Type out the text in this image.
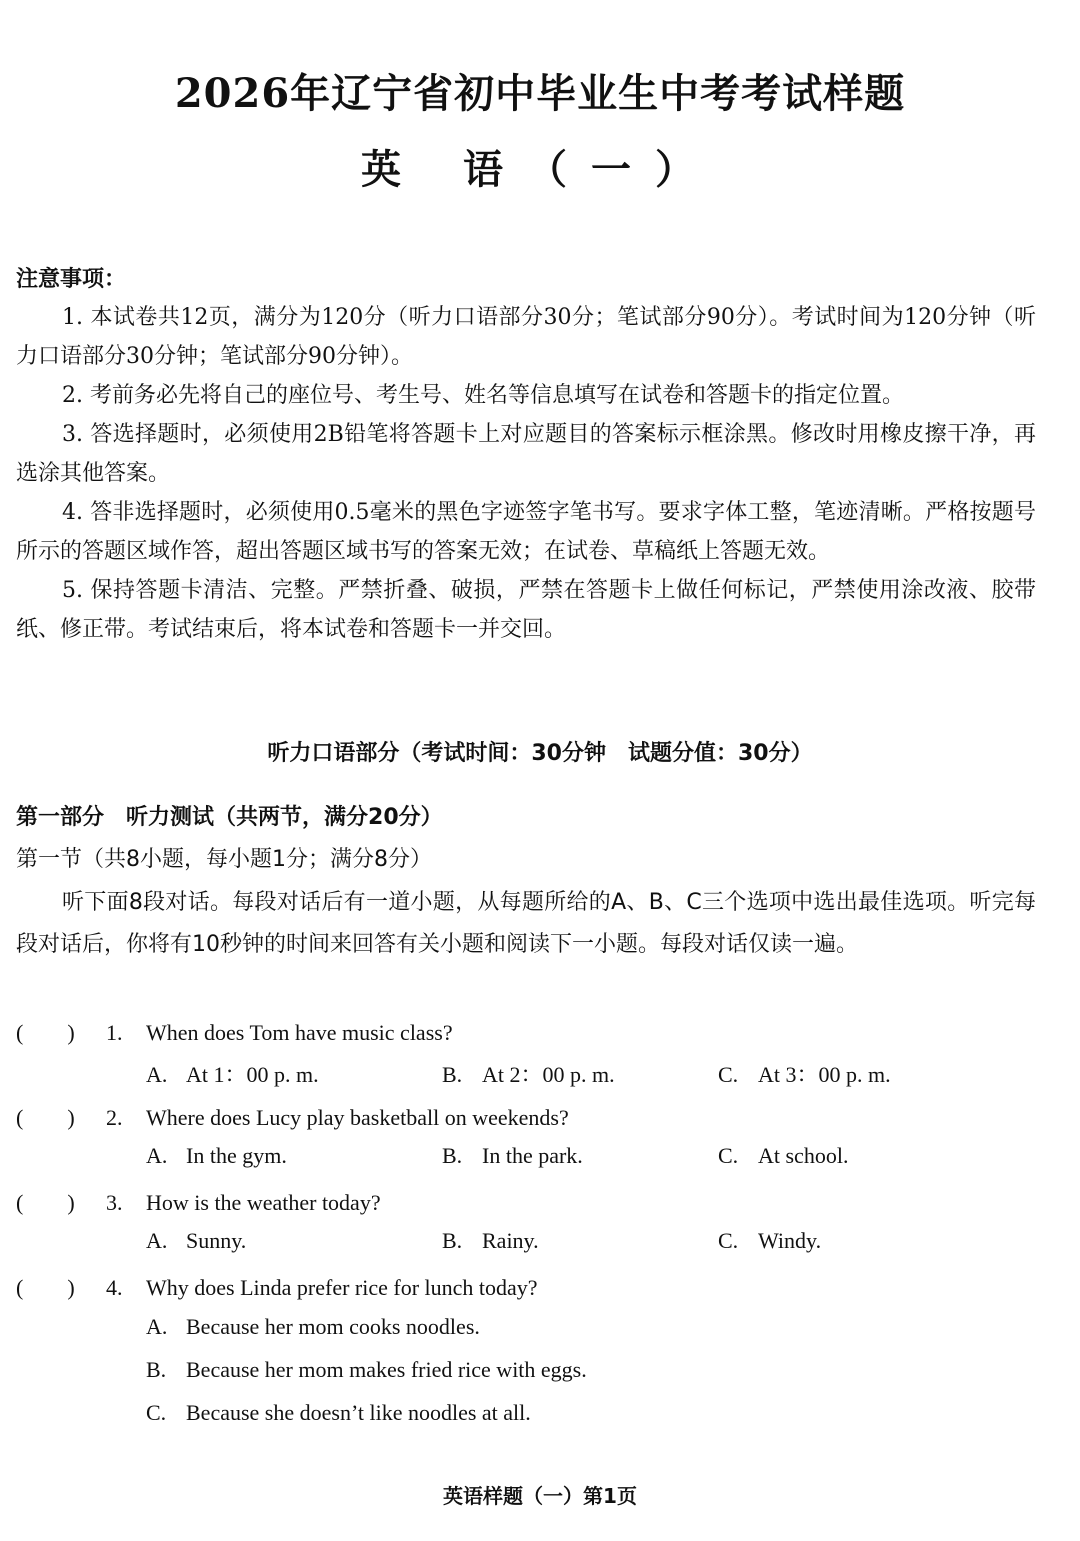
2026年辽宁省初中毕业生中考考试样题
英 语（一）
注意事项：

1. 本试卷共12页，满分为120分（听力口语部分30分；笔试部分90分）。考试时间为120分钟（听力口语部分30分钟；笔试部分90分钟）。

2. 考前务必先将自己的座位号、考生号、姓名等信息填写在试卷和答题卡的指定位置。

3. 答选择题时，必须使用2B铅笔将答题卡上对应题目的答案标示框涂黑。修改时用橡皮擦干净，再选涂其他答案。

4. 答非选择题时，必须使用0.5毫米的黑色字迹签字笔书写。要求字体工整，笔迹清晰。严格按题号所示的答题区域作答，超出答题区域书写的答案无效；在试卷、草稿纸上答题无效。

5. 保持答题卡清洁、完整。严禁折叠、破损，严禁在答题卡上做任何标记，严禁使用涂改液、胶带纸、修正带。考试结束后，将本试卷和答题卡一并交回。

听力口语部分（考试时间：30分钟　试题分值：30分）
第一部分 听力测试（共两节，满分20分）
第一节（共8小题，每小题1分；满分8分）
听下面8段对话。每段对话后有一道小题，从每题所给的A、B、C三个选项中选出最佳选项。听完每段对话后，你将有10秒钟的时间来回答有关小题和阅读下一小题。每段对话仅读一遍。
(　　) 1. When does Tom have music class?
A. At 1：00 p. m.	B. At 2：00 p. m.	C. At 3：00 p. m.
(　　) 2. Where does Lucy play basketball on weekends?
A. In the gym.	B. In the park.	C. At school.
(　　) 3. How is the weather today?
A. Sunny.	B. Rainy.	C. Windy.
(　　) 4. Why does Linda prefer rice for lunch today?
A. Because her mom cooks noodles.
B. Because her mom makes fried rice with eggs.
C. Because she doesn’t like noodles at all.
英语样题（一）第1页
